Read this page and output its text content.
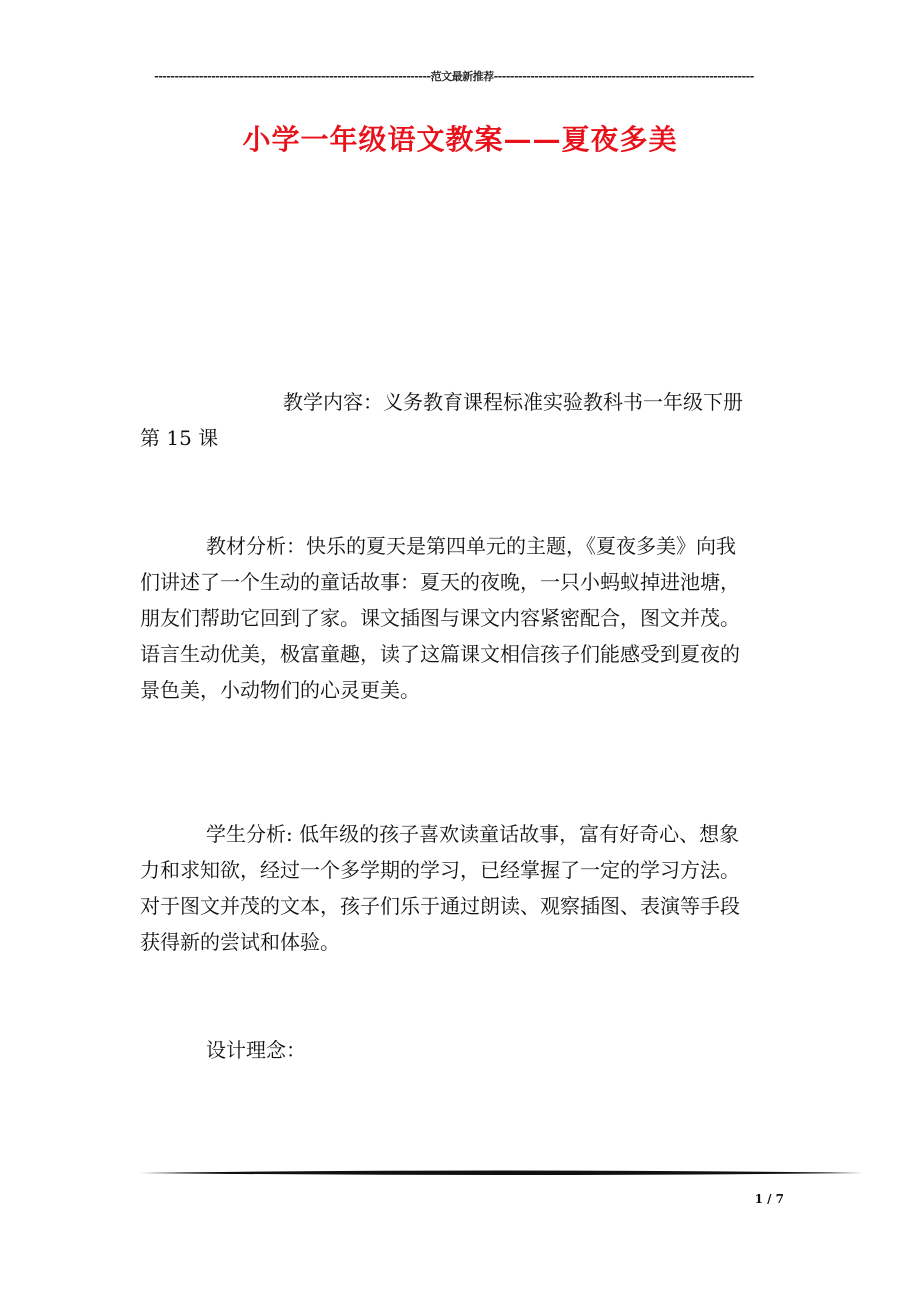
--------------------------------------------------------------------范文最新推荐----------------------------------------------------------------
小学一年级语文教案——夏夜多美
教学内容：义务教育课程标准实验教科书一年级下册
第 15 课
教材分析：快乐的夏天是第四单元的主题，《夏夜多美》向我
们讲述了一个生动的童话故事：夏天的夜晚，一只小蚂蚁掉进池塘，
朋友们帮助它回到了家。课文插图与课文内容紧密配合，图文并茂。
语言生动优美，极富童趣，读了这篇课文相信孩子们能感受到夏夜的
景色美，小动物们的心灵更美。
学生分析: 低年级的孩子喜欢读童话故事，富有好奇心、想象
力和求知欲，经过一个多学期的学习，已经掌握了一定的学习方法。
对于图文并茂的文本，孩子们乐于通过朗读、观察插图、表演等手段
获得新的尝试和体验。
设计理念：
1 / 7
